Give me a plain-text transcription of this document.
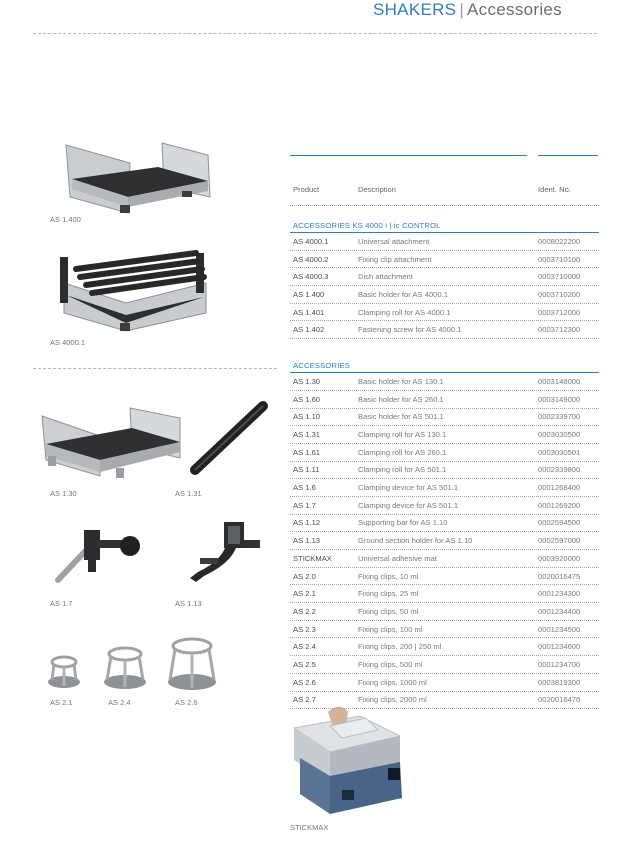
SHAKERS | Accessories
AS 1.400
AS 4000.1
AS 1.30	AS 1.31
AS 1.7	AS 1.13
AS 2.1	AS 2.4	AS 2.6
STICKMAX
Product	Description	Ident. No.
ACCESSORIES KS 4000 i | ic CONTROL
AS 4000.1	Universal attachment	0008022200
AS 4000.2	Fixing clip attachment	0003710100
AS 4000.3	Dish attachment	0003710000
AS 1.400	Basic holder for AS 4000.1	0003710200
AS 1.401	Clamping roll for AS 4000.1	0003712000
AS 1.402	Fastening screw for AS 4000.1	0003712300
ACCESSORIES
AS 1.30	Basic holder for AS 130.1	0003148000
AS 1.60	Basic holder for AS 260.1	0003149000
AS 1.10	Basic holder for AS 501.1	0002339700
AS 1.31	Clamping roll for AS 130.1	0003030500
AS 1.61	Clamping roll for AS 260.1	0003030501
AS 1.11	Clamping roll for AS 501.1	0002339800
AS 1.6	Clamping device for AS 501.1	0001268400
AS 1.7	Clamping device for AS 501.1	0001269200
AS 1.12	Supporting bar for AS 1.10	0002594500
AS 1.13	Ground section holder for AS 1.10	0002597000
STICKMAX	Universal adhesive mat	0003920000
AS 2.0	Fixing clips, 10 ml	0020016475
AS 2.1	Fixing clips, 25 ml	0001234300
AS 2.2	Fixing clips, 50 ml	0001234400
AS 2.3	Fixing clips, 100 ml	0001234500
AS 2.4	Fixing clips, 200 | 250 ml	0001234600
AS 2.5	Fixing clips, 500 ml	0001234700
AS 2.6	Fixing clips, 1000 ml	0003819300
AS 2.7	Fixing clips, 2000 ml	0020016476
